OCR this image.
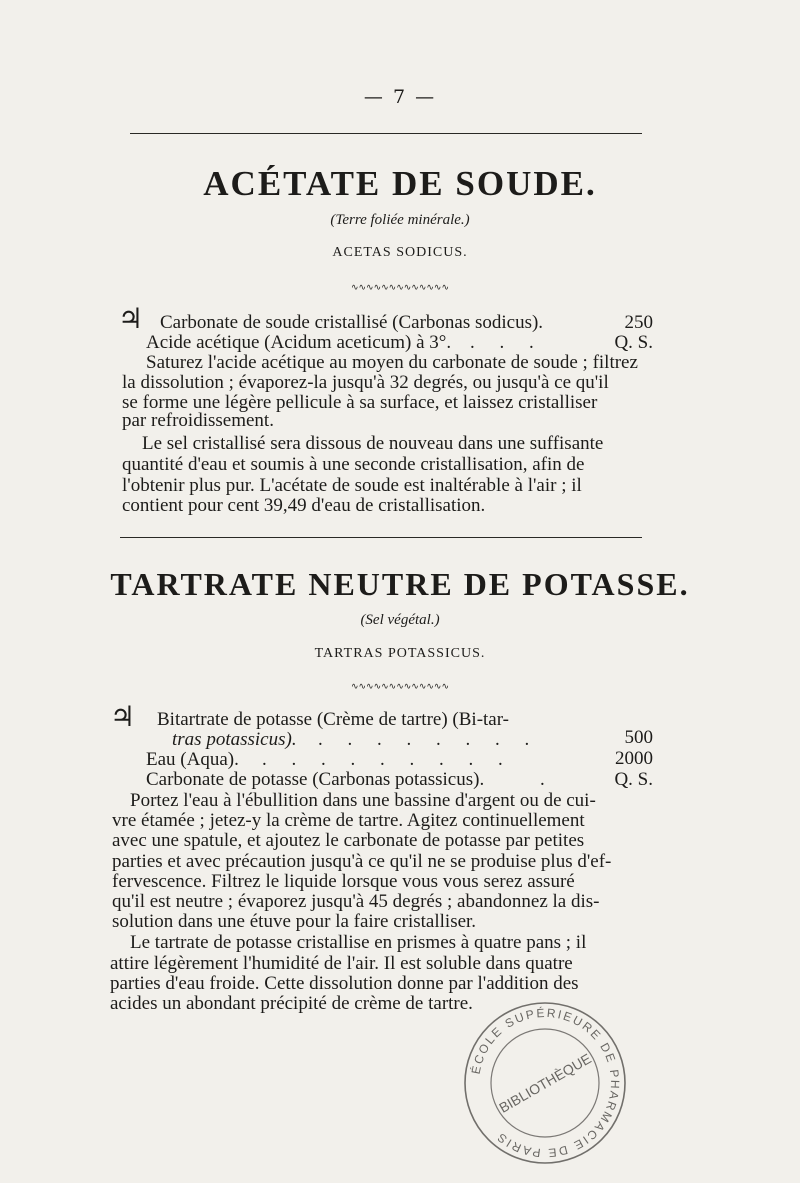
— 7 —
ACÉTATE DE SOUDE.
(Terre foliée minérale.)
ACETAS SODICUS.
∿∿∿∿∿∿∿∿∿∿∿∿∿
♃ Carbonate de soude cristallisé (Carbonas sodicus).	250
Acide acétique (Acidum aceticum) à 3°. . . .	Q. S.
Saturez l'acide acétique au moyen du carbonate de soude ; filtrez
la dissolution ; évaporez-la jusqu'à 32 degrés, ou jusqu'à ce qu'il
se forme une légère pellicule à sa surface, et laissez cristalliser
par refroidissement.
Le sel cristallisé sera dissous de nouveau dans une suffisante
quantité d'eau et soumis à une seconde cristallisation, afin de
l'obtenir plus pur. L'acétate de soude est inaltérable à l'air ; il
contient pour cent 39,49 d'eau de cristallisation.
TARTRATE NEUTRE DE POTASSE.
(Sel végétal.)
TARTRAS POTASSICUS.
∿∿∿∿∿∿∿∿∿∿∿∿∿
♃ Bitartrate de potasse (Crème de tartre) (Bi-tar-
tras potassicus). . . . . . . . .	500
Eau (Aqua). . . . . . . . . .	2000
Carbonate de potasse (Carbonas potassicus).	.	Q. S.
Portez l'eau à l'ébullition dans une bassine d'argent ou de cui-
vre étamée ; jetez-y la crème de tartre. Agitez continuellement
avec une spatule, et ajoutez le carbonate de potasse par petites
parties et avec précaution jusqu'à ce qu'il ne se produise plus d'ef-
fervescence. Filtrez le liquide lorsque vous vous serez assuré
qu'il est neutre ; évaporez jusqu'à 45 degrés ; abandonnez la dis-
solution dans une étuve pour la faire cristalliser.
Le tartrate de potasse cristallise en prismes à quatre pans ; il
attire légèrement l'humidité de l'air. Il est soluble dans quatre
parties d'eau froide. Cette dissolution donne par l'addition des
acides un abondant précipité de crème de tartre.
ÉCOLE SUPÉRIEURE DE PHARMACIE DE PARIS
BIBLIOTHÈQUE
